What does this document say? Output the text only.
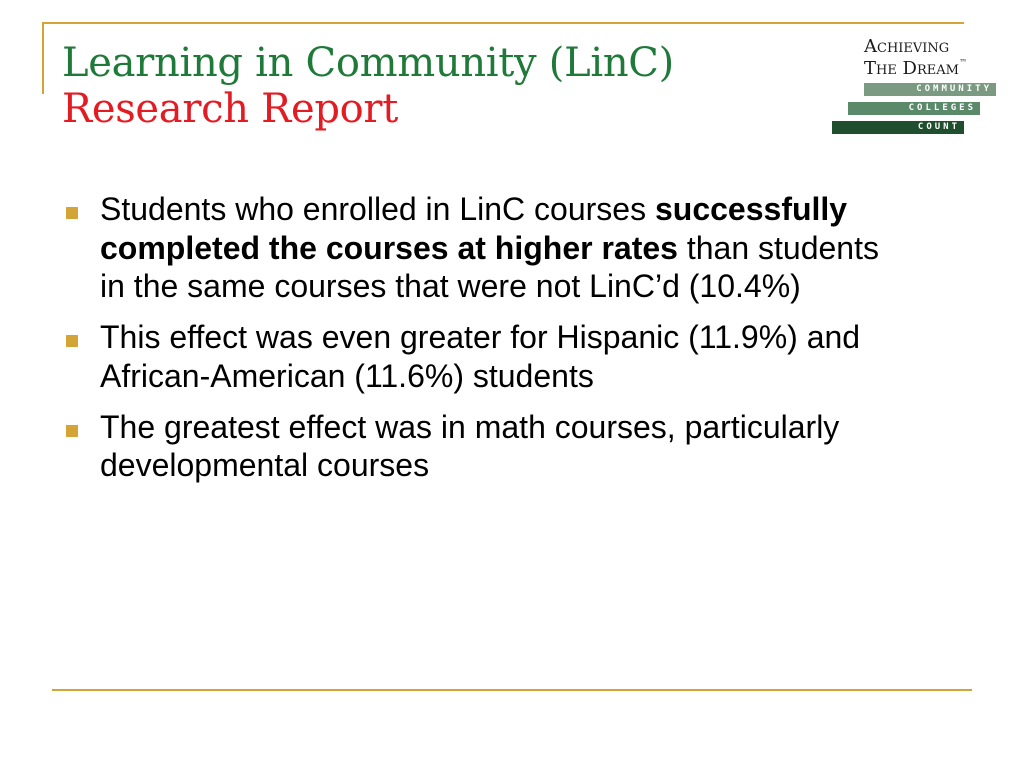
Learning in Community (LinC)
Research Report
Achieving
The Dream™
COMMUNITY
COLLEGES
COUNT
Students who enrolled in LinC courses successfully completed the courses at higher rates than students in the same courses that were not LinC’d (10.4%)
This effect was even greater for Hispanic (11.9%) and African-American (11.6%) students
The greatest effect was in math courses, particularly developmental courses
